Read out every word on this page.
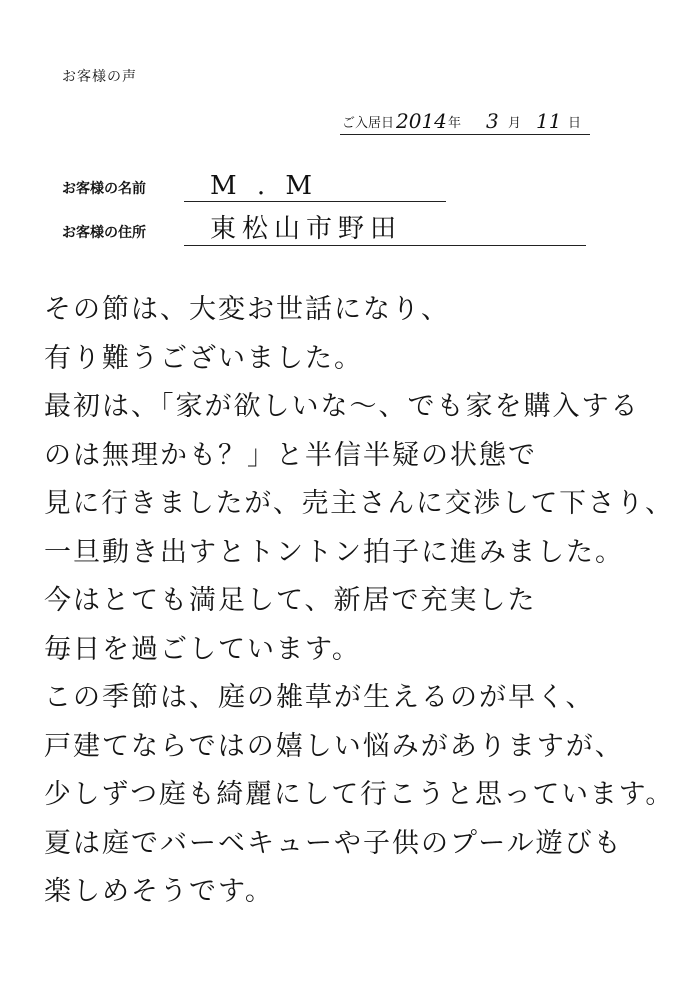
お客様の声
ご入居日 2014 年 3 月 11 日
お客様の名前 M . M
お客様の住所 東松山市野田
その節は、大変お世話になり、
有り難うございました。
最初は、「家が欲しいな～、でも家を購入する
のは無理かも？」と半信半疑の状態で
見に行きましたが、売主さんに交渉して下さり、
一旦動き出すとトントン拍子に進みました。
今はとても満足して、新居で充実した
毎日を過ごしています。
この季節は、庭の雑草が生えるのが早く、
戸建てならではの嬉しい悩みがありますが、
少しずつ庭も綺麗にして行こうと思っています。
夏は庭でバーベキューや子供のプール遊びも
楽しめそうです。
